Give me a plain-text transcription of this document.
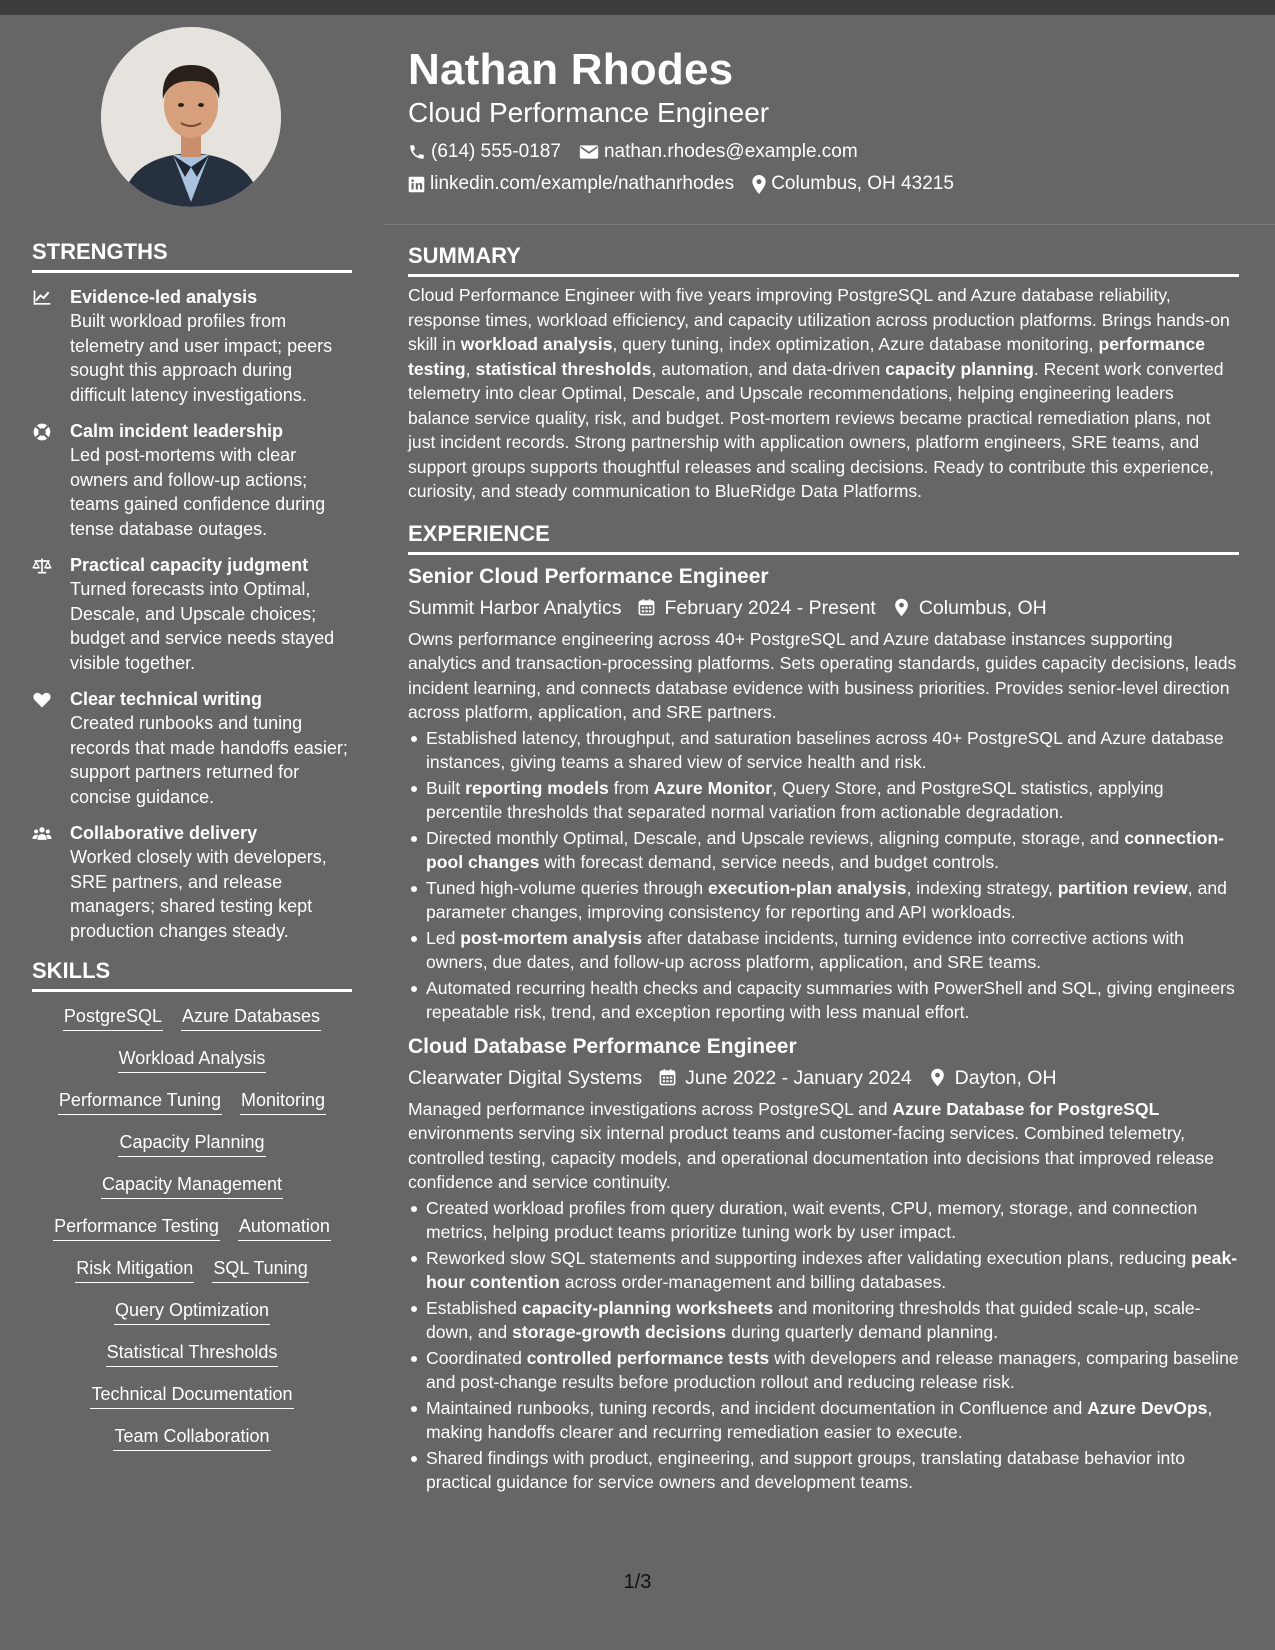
Nathan Rhodes
Cloud Performance Engineer
(614) 555-0187 nathan.rhodes@example.com
linkedin.com/example/nathanrhodes Columbus, OH 43215
STRENGTHS
Evidence-led analysis
Built workload profiles from telemetry and user impact; peers sought this approach during difficult latency investigations.
Calm incident leadership
Led post-mortems with clear owners and follow-up actions; teams gained confidence during tense database outages.
Practical capacity judgment
Turned forecasts into Optimal, Descale, and Upscale choices; budget and service needs stayed visible together.
Clear technical writing
Created runbooks and tuning records that made handoffs easier; support partners returned for concise guidance.
Collaborative delivery
Worked closely with developers, SRE partners, and release managers; shared testing kept production changes steady.
SKILLS
PostgreSQL Azure Databases
Workload Analysis
Performance Tuning Monitoring
Capacity Planning
Capacity Management
Performance Testing Automation
Risk Mitigation SQL Tuning
Query Optimization
Statistical Thresholds
Technical Documentation
Team Collaboration
SUMMARY

Cloud Performance Engineer with five years improving PostgreSQL and Azure database reliability, response times, workload efficiency, and capacity utilization across production platforms. Brings hands-on skill in workload analysis, query tuning, index optimization, Azure database monitoring, performance testing, statistical thresholds, automation, and data-driven capacity planning. Recent work converted telemetry into clear Optimal, Descale, and Upscale recommendations, helping engineering leaders balance service quality, risk, and budget. Post-mortem reviews became practical remediation plans, not just incident records. Strong partnership with application owners, platform engineers, SRE teams, and support groups supports thoughtful releases and scaling decisions. Ready to contribute this experience, curiosity, and steady communication to BlueRidge Data Platforms.

EXPERIENCE
Senior Cloud Performance Engineer
Summit Harbor Analytics February 2024 - Present Columbus, OH
Owns performance engineering across 40+ PostgreSQL and Azure database instances supporting analytics and transaction-processing platforms. Sets operating standards, guides capacity decisions, leads incident learning, and connects database evidence with business priorities. Provides senior-level direction across platform, application, and SRE partners.
Established latency, throughput, and saturation baselines across 40+ PostgreSQL and Azure database instances, giving teams a shared view of service health and risk.
Built reporting models from Azure Monitor, Query Store, and PostgreSQL statistics, applying percentile thresholds that separated normal variation from actionable degradation.
Directed monthly Optimal, Descale, and Upscale reviews, aligning compute, storage, and connection-pool changes with forecast demand, service needs, and budget controls.
Tuned high-volume queries through execution-plan analysis, indexing strategy, partition review, and parameter changes, improving consistency for reporting and API workloads.
Led post-mortem analysis after database incidents, turning evidence into corrective actions with owners, due dates, and follow-up across platform, application, and SRE teams.
Automated recurring health checks and capacity summaries with PowerShell and SQL, giving engineers repeatable risk, trend, and exception reporting with less manual effort.
Cloud Database Performance Engineer
Clearwater Digital Systems June 2022 - January 2024 Dayton, OH
Managed performance investigations across PostgreSQL and Azure Database for PostgreSQL environments serving six internal product teams and customer-facing services. Combined telemetry, controlled testing, capacity models, and operational documentation into decisions that improved release confidence and service continuity.
Created workload profiles from query duration, wait events, CPU, memory, storage, and connection metrics, helping product teams prioritize tuning work by user impact.
Reworked slow SQL statements and supporting indexes after validating execution plans, reducing peak-hour contention across order-management and billing databases.
Established capacity-planning worksheets and monitoring thresholds that guided scale-up, scale-down, and storage-growth decisions during quarterly demand planning.
Coordinated controlled performance tests with developers and release managers, comparing baseline and post-change results before production rollout and reducing release risk.
Maintained runbooks, tuning records, and incident documentation in Confluence and Azure DevOps, making handoffs clearer and recurring remediation easier to execute.
Shared findings with product, engineering, and support groups, translating database behavior into practical guidance for service owners and development teams.
1/3
